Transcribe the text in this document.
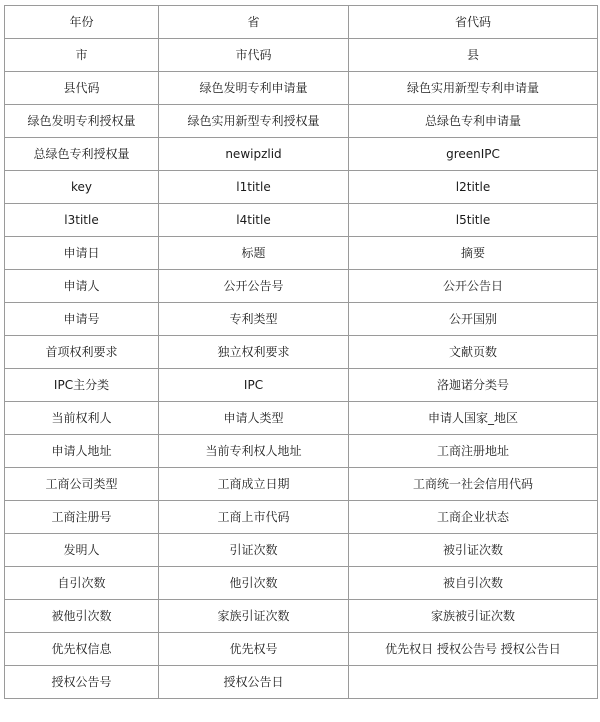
年份	省	省代码
市	市代码	县
县代码	绿色发明专利申请量	绿色实用新型专利申请量
绿色发明专利授权量	绿色实用新型专利授权量	总绿色专利申请量
总绿色专利授权量	newipzlid	greenIPC
key	l1title	l2title
l3title	l4title	l5title
申请日	标题	摘要
申请人	公开公告号	公开公告日
申请号	专利类型	公开国别
首项权利要求	独立权利要求	文献页数
IPC主分类	IPC	洛迦诺分类号
当前权利人	申请人类型	申请人国家_地区
申请人地址	当前专利权人地址	工商注册地址
工商公司类型	工商成立日期	工商统一社会信用代码
工商注册号	工商上市代码	工商企业状态
发明人	引证次数	被引证次数
自引次数	他引次数	被自引次数
被他引次数	家族引证次数	家族被引证次数
优先权信息	优先权号	优先权日 授权公告号 授权公告日
授权公告号	授权公告日	
